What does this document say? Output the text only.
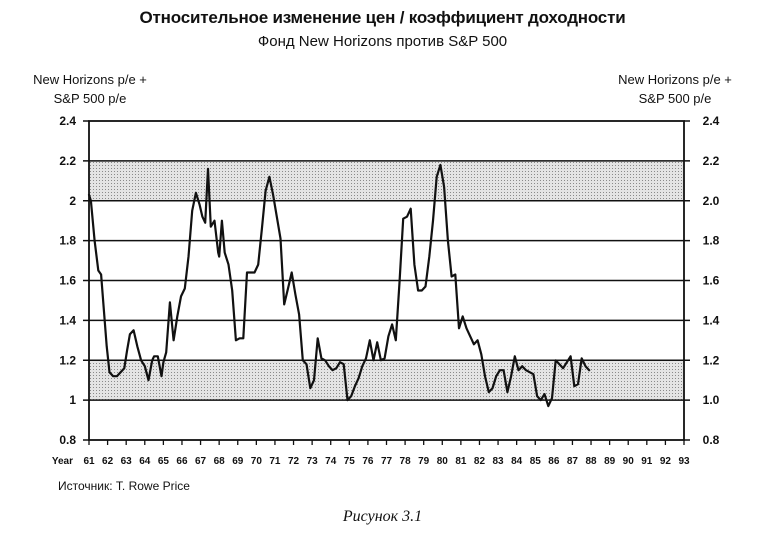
Относительное изменение цен / коэффициент доходности
Фонд New Horizons против S&P 500
New Horizons p/e +
S&P 500 p/e
New Horizons p/e +
S&P 500 p/e
0.8
1
1.2
1.4
1.6
1.8
2
2.2
2.4
0.8
1.0
1.2
1.4
1.6
1.8
2.0
2.2
2.4
Year 61 62 63 64 65 66 67 68 69 70 71 72 73 74 75 76 77 78 79 80 81 82 83 84 85 86 87 88 89 90 91 92 93
Источник: T. Rowe Price
Рисунок 3.1
